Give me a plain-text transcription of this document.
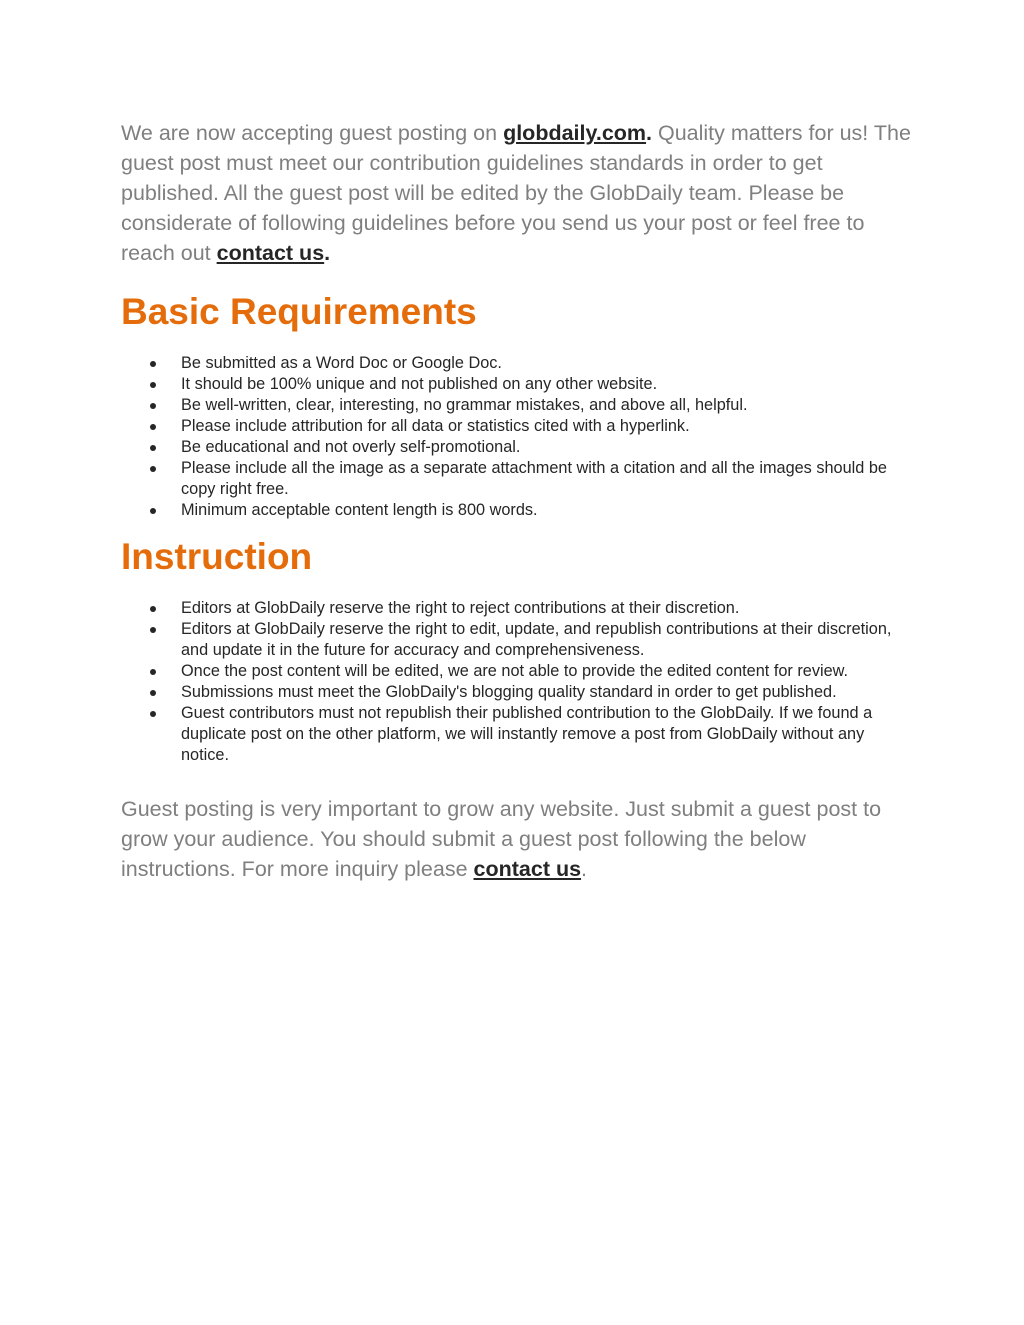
We are now accepting guest posting on globdaily.com. Quality matters for us! The guest post must meet our contribution guidelines standards in order to get published. All the guest post will be edited by the GlobDaily team. Please be considerate of following guidelines before you send us your post or feel free to reach out contact us.

Basic Requirements
Be submitted as a Word Doc or Google Doc.
It should be 100% unique and not published on any other website.
Be well-written, clear, interesting, no grammar mistakes, and above all, helpful.
Please include attribution for all data or statistics cited with a hyperlink.
Be educational and not overly self-promotional.
Please include all the image as a separate attachment with a citation and all the images should be copy right free.
Minimum acceptable content length is 800 words.
Instruction
Editors at GlobDaily reserve the right to reject contributions at their discretion.
Editors at GlobDaily reserve the right to edit, update, and republish contributions at their discretion, and update it in the future for accuracy and comprehensiveness.
Once the post content will be edited, we are not able to provide the edited content for review.
Submissions must meet the GlobDaily's blogging quality standard in order to get published.
Guest contributors must not republish their published contribution to the GlobDaily. If we found a duplicate post on the other platform, we will instantly remove a post from GlobDaily without any notice.

Guest posting is very important to grow any website. Just submit a guest post to grow your audience. You should submit a guest post following the below instructions. For more inquiry please contact us.
